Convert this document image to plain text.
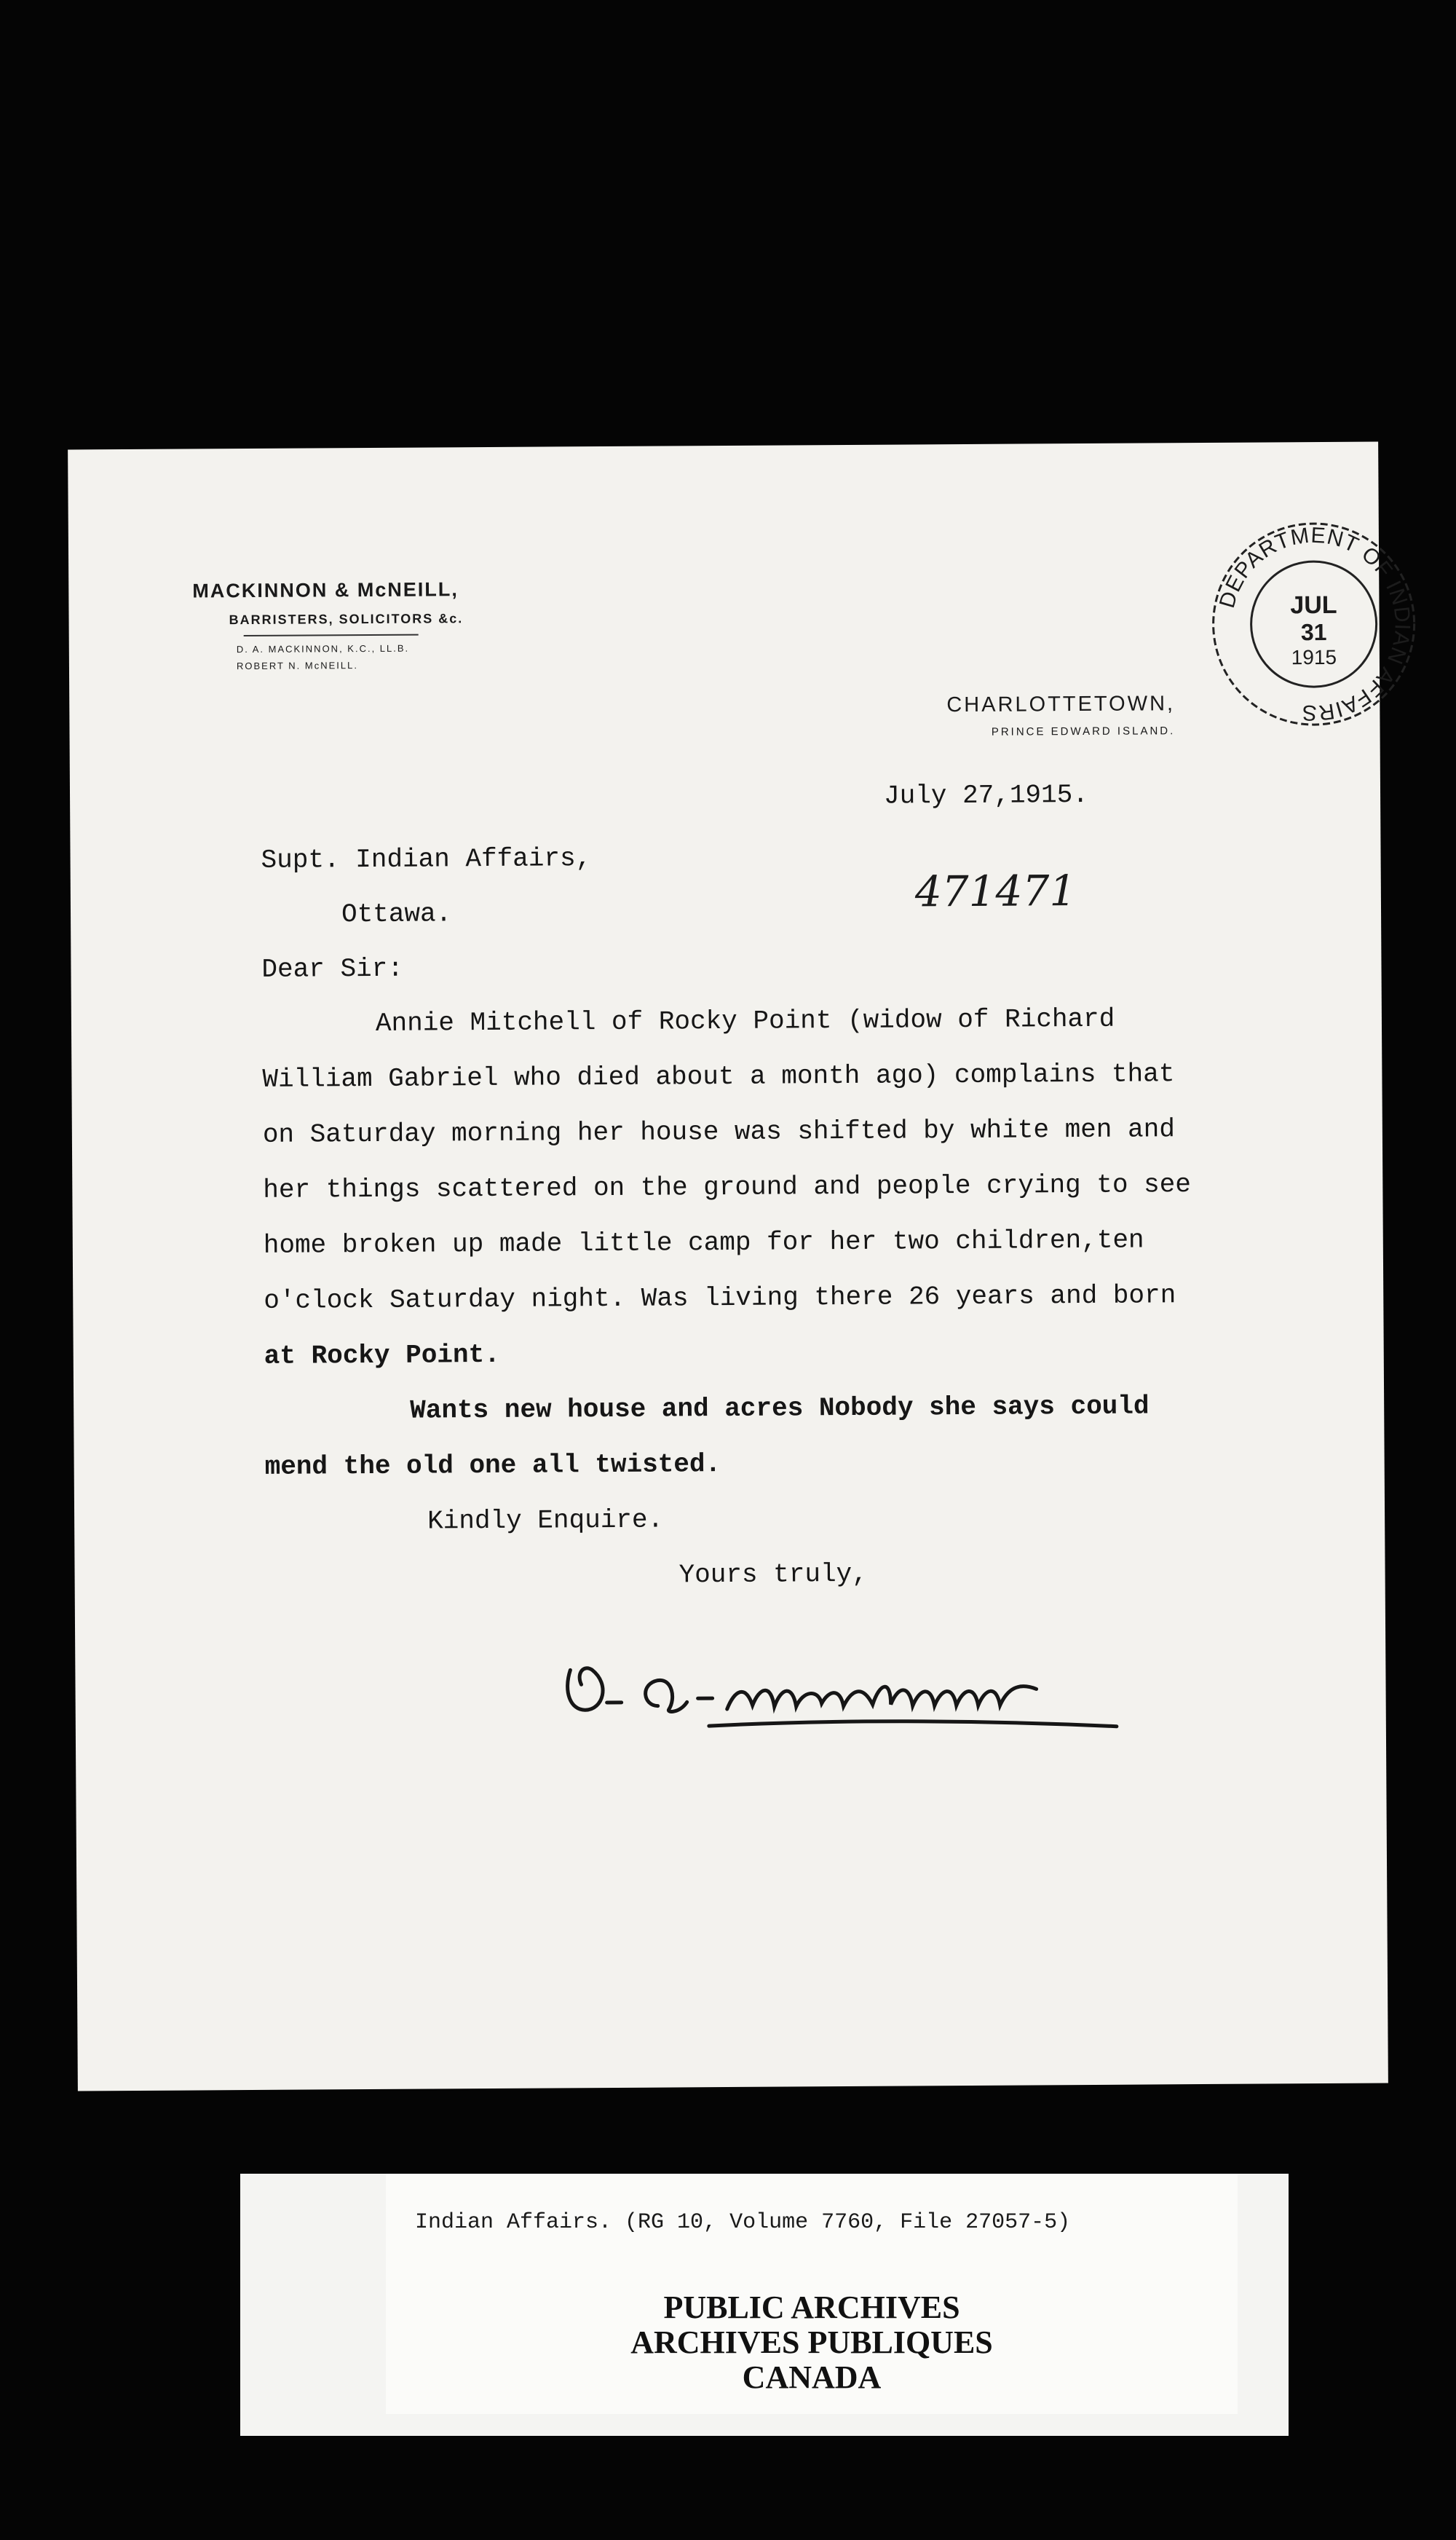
MACKINNON & McNEILL,
BARRISTERS, SOLICITORS &c.
D. A. MACKINNON, K.C., LL.B.
ROBERT N. McNEILL.
CHARLOTTETOWN,
PRINCE EDWARD ISLAND.
DEPARTMENT OF INDIAN AFFAIRS
JUL
31
1915
July 27,1915.
471471
Supt. Indian Affairs,
Ottawa.
Dear Sir:
Annie Mitchell of Rocky Point (widow of Richard
William Gabriel who died about a month ago) complains that
on Saturday morning her house was shifted by white men and
her things scattered on the ground and people crying to see
home broken up made little camp for her two children,ten
o'clock Saturday night. Was living there 26 years and born
at Rocky Point.
Wants new house and acres Nobody she says could
mend the old one all twisted.
Kindly Enquire.
Yours truly,
Indian Affairs. (RG 10, Volume 7760, File 27057-5)
PUBLIC ARCHIVES
ARCHIVES PUBLIQUES
CANADA
